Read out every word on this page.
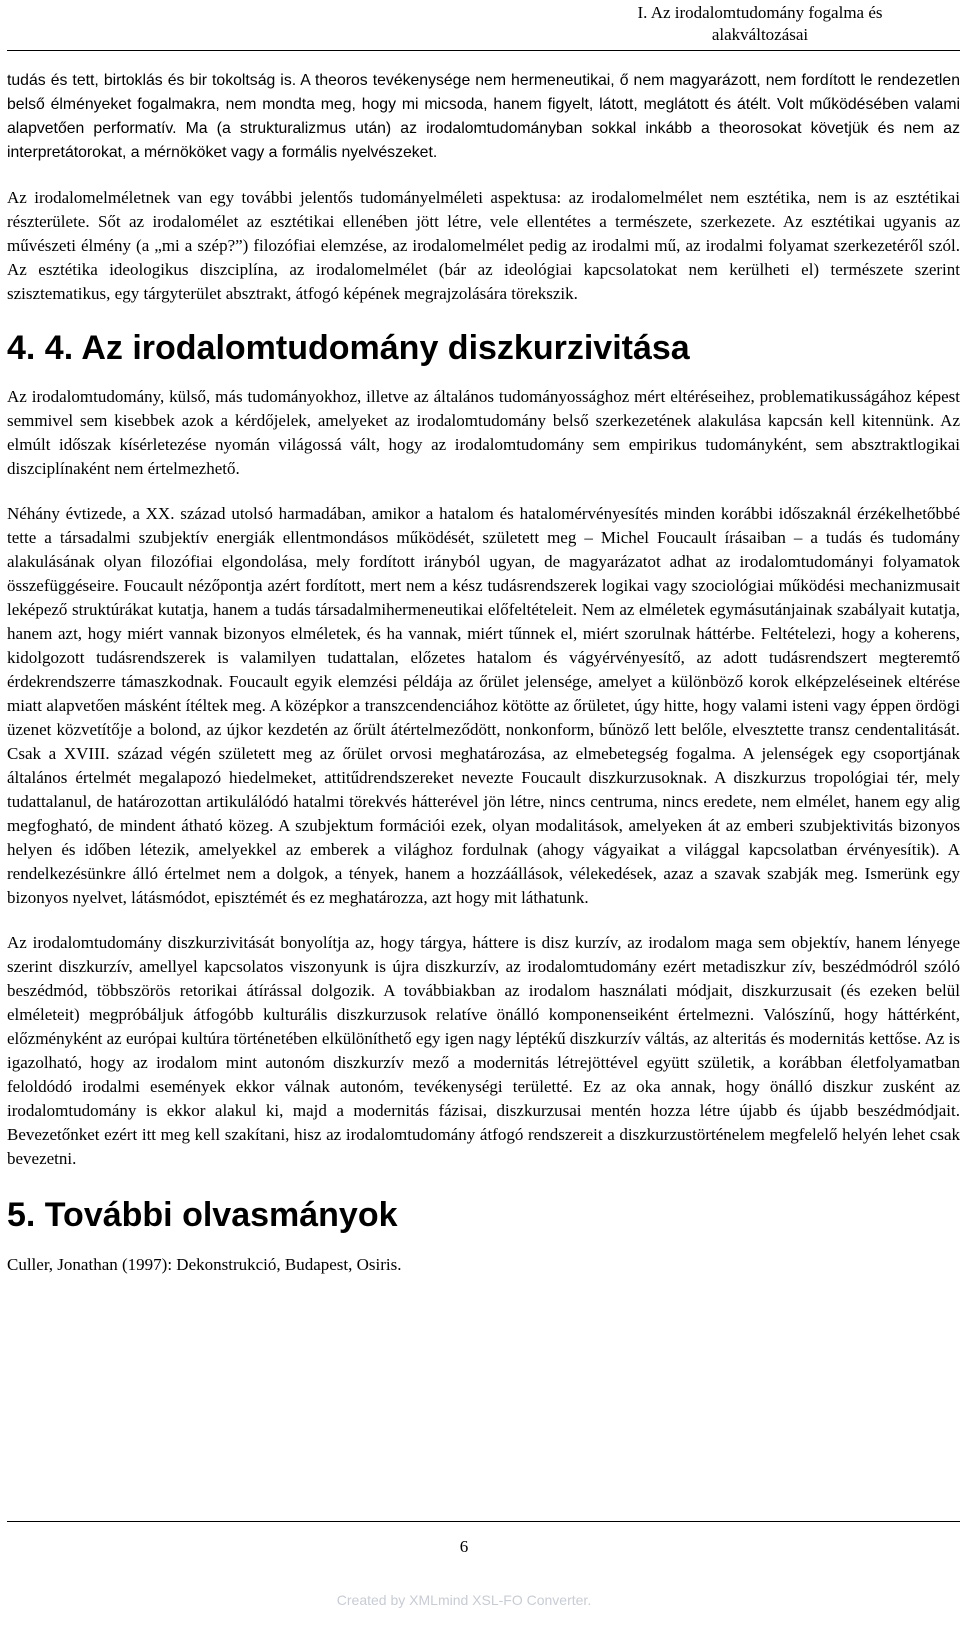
I. Az irodalomtudomány fogalma és
alakváltozásai

tudás és tett, birtoklás és bir tokoltság is. A theoros tevékenysége nem hermeneutikai, ő nem magyarázott, nem fordított le rendezetlen belső élményeket fogalmakra, nem mondta meg, hogy mi micsoda, hanem figyelt, látott, meglátott és átélt. Volt működésében valami alapvetően performatív. Ma (a strukturalizmus után) az irodalomtudományban sokkal inkább a theorosokat követjük és nem az interpretátorokat, a mérnököket vagy a formális nyelvészeket.

Az irodalomelméletnek van egy további jelentős tudományelméleti aspektusa: az irodalomelmélet nem esztétika, nem is az esztétikai részterülete. Sőt az irodalomélet az esztétikai ellenében jött létre, vele ellentétes a természete, szerkezete. Az esztétikai ugyanis az művészeti élmény (a „mi a szép?”) filozófiai elemzése, az irodalomelmélet pedig az irodalmi mű, az irodalmi folyamat szerkezetéről szól. Az esztétika ideologikus diszciplína, az irodalomelmélet (bár az ideológiai kapcsolatokat nem kerülheti el) természete szerint szisztematikus, egy tárgyterület absztrakt, átfogó képének megrajzolására törekszik.

4. 4. Az irodalomtudomány diszkurzivitása

Az irodalomtudomány, külső, más tudományokhoz, illetve az általános tudományossághoz mért eltéréseihez, problematikusságához képest semmivel sem kisebbek azok a kérdőjelek, amelyeket az irodalomtudomány belső szerkezetének alakulása kapcsán kell kitennünk. Az elmúlt időszak kísérletezése nyomán világossá vált, hogy az irodalomtudomány sem empirikus tudományként, sem absztraktlogikai diszciplínaként nem értelmezhető.

Néhány évtizede, a XX. század utolsó harmadában, amikor a hatalom és hatalomérvényesítés minden korábbi időszaknál érzékelhetőbbé tette a társadalmi szubjektív energiák ellentmondásos működését, született meg – Michel Foucault írásaiban – a tudás és tudomány alakulásának olyan filozófiai elgondolása, mely fordított irányból ugyan, de magyarázatot adhat az irodalomtudományi folyamatok összefüggéseire. Foucault nézőpontja azért fordított, mert nem a kész tudásrendszerek logikai vagy szociológiai működési mechanizmusait leképező struktúrákat kutatja, hanem a tudás társadalmihermeneutikai előfeltételeit. Nem az elméletek egymásutánjainak szabályait kutatja, hanem azt, hogy miért vannak bizonyos elméletek, és ha vannak, miért tűnnek el, miért szorulnak háttérbe. Feltételezi, hogy a koherens, kidolgozott tudásrendszerek is valamilyen tudattalan, előzetes hatalom és vágyérvényesítő, az adott tudásrendszert megteremtő érdekrendszerre támaszkodnak. Foucault egyik elemzési példája az őrület jelensége, amelyet a különböző korok elképzeléseinek eltérése miatt alapvetően másként ítéltek meg. A középkor a transzcendenciához kötötte az őrületet, úgy hitte, hogy valami isteni vagy éppen ördögi üzenet közvetítője a bolond, az újkor kezdetén az őrült átértelmeződött, nonkonform, bűnöző lett belőle, elvesztette transz cendentalitását. Csak a XVIII. század végén született meg az őrület orvosi meghatározása, az elmebetegség fogalma. A jelenségek egy csoportjának általános értelmét megalapozó hiedelmeket, attitűdrendszereket nevezte Foucault diszkurzusoknak. A diszkurzus tropológiai tér, mely tudattalanul, de határozottan artikulálódó hatalmi törekvés hátterével jön létre, nincs centruma, nincs eredete, nem elmélet, hanem egy alig megfogható, de mindent átható közeg. A szubjektum formációi ezek, olyan modalitások, amelyeken át az emberi szubjektivitás bizonyos helyen és időben létezik, amelyekkel az emberek a világhoz fordulnak (ahogy vágyaikat a világgal kapcsolatban érvényesítik). A rendelkezésünkre álló értelmet nem a dolgok, a tények, hanem a hozzáállások, vélekedések, azaz a szavak szabják meg. Ismerünk egy bizonyos nyelvet, látásmódot, episztémét és ez meghatározza, azt hogy mit láthatunk.

Az irodalomtudomány diszkurzivitását bonyolítja az, hogy tárgya, háttere is disz kurzív, az irodalom maga sem objektív, hanem lényege szerint diszkurzív, amellyel kapcsolatos viszonyunk is újra diszkurzív, az irodalomtudomány ezért metadiszkur zív, beszédmódról szóló beszédmód, többszörös retorikai átírással dolgozik. A továbbiakban az irodalom használati módjait, diszkurzusait (és ezeken belül elméleteit) megpróbáljuk átfogóbb kulturális diszkurzusok relatíve önálló komponenseiként értelmezni. Valószínű, hogy háttérként, előzményként az európai kultúra történetében elkülöníthető egy igen nagy léptékű diszkurzív váltás, az alteritás és modernitás kettőse. Az is igazolható, hogy az irodalom mint autonóm diszkurzív mező a modernitás létrejöttével együtt születik, a korábban életfolyamatban feloldódó irodalmi események ekkor válnak autonóm, tevékenységi területté. Ez az oka annak, hogy önálló diszkur zusként az irodalomtudomány is ekkor alakul ki, majd a modernitás fázisai, diszkurzusai mentén hozza létre újabb és újabb beszédmódjait. Bevezetőnket ezért itt meg kell szakítani, hisz az irodalomtudomány átfogó rendszereit a diszkurzustörténelem megfelelő helyén lehet csak bevezetni.

5. További olvasmányok

Culler, Jonathan (1997): Dekonstrukció, Budapest, Osiris.

6
Created by XMLmind XSL-FO Converter.
